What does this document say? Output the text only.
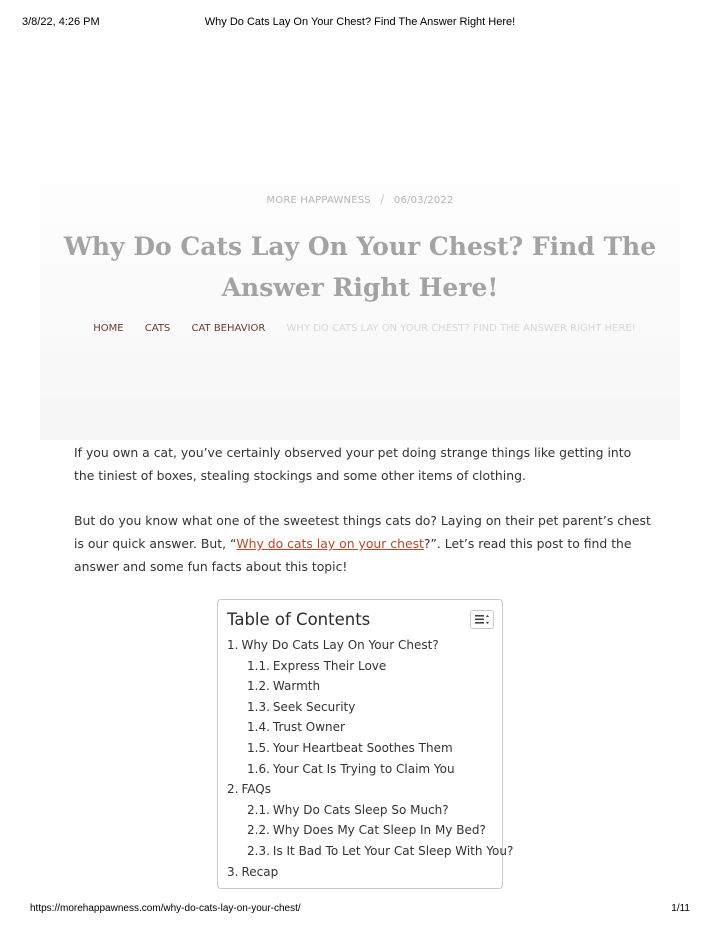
3/8/22, 4:26 PM	Why Do Cats Lay On Your Chest? Find The Answer Right Here!
MORE HAPPAWNESS / 06/03/2022
Why Do Cats Lay On Your Chest? Find The Answer Right Here!
HOME CATS CAT BEHAVIOR WHY DO CATS LAY ON YOUR CHEST? FIND THE ANSWER RIGHT HERE!

If you own a cat, you’ve certainly observed your pet doing strange things like getting into the tiniest of boxes, stealing stockings and some other items of clothing.

But do you know what one of the sweetest things cats do? Laying on their pet parent’s chest is our quick answer. But, “Why do cats lay on your chest?”. Let’s read this post to find the answer and some fun facts about this topic!

Table of Contents
1. Why Do Cats Lay On Your Chest?
1.1. Express Their Love
1.2. Warmth
1.3. Seek Security
1.4. Trust Owner
1.5. Your Heartbeat Soothes Them
1.6. Your Cat Is Trying to Claim You
2. FAQs
2.1. Why Do Cats Sleep So Much?
2.2. Why Does My Cat Sleep In My Bed?
2.3. Is It Bad To Let Your Cat Sleep With You?
3. Recap
https://morehappawness.com/why-do-cats-lay-on-your-chest/	1/11
